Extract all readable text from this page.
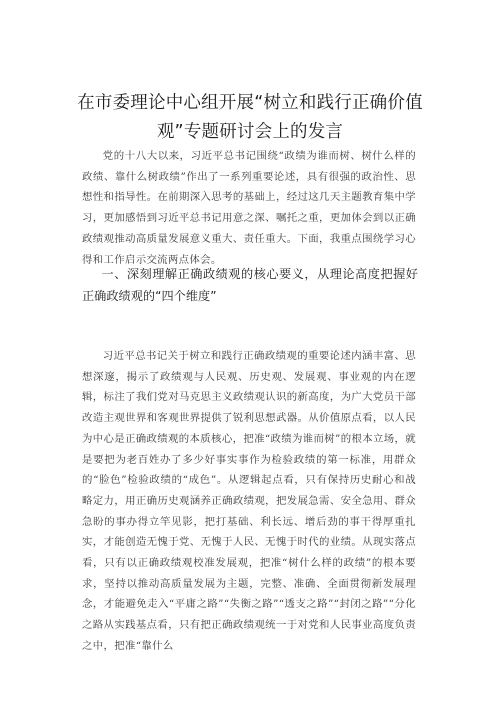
在市委理论中心组开展“树立和践行正确价值观”专题研讨会上的发言

党的十八大以来，习近平总书记围绕“政绩为谁而树、树什么样的政绩、靠什么树政绩”作出了一系列重要论述，具有很强的政治性、思想性和指导性。在前期深入思考的基础上，经过这几天主题教育集中学习，更加感悟到习近平总书记用意之深、嘱托之重，更加体会到以正确政绩观推动高质量发展意义重大、责任重大。下面，我重点围绕学习心得和工作启示交流两点体会。

一、深刻理解正确政绩观的核心要义，从理论高度把握好正确政绩观的“四个维度”

习近平总书记关于树立和践行正确政绩观的重要论述内涵丰富、思想深邃，揭示了政绩观与人民观、历史观、发展观、事业观的内在逻辑，标注了我们党对马克思主义政绩观认识的新高度，为广大党员干部改造主观世界和客观世界提供了锐利思想武器。从价值原点看，以人民为中心是正确政绩观的本质核心，把准“政绩为谁而树”的根本立场，就是要把为老百姓办了多少好事实事作为检验政绩的第一标准，用群众的“脸色”检验政绩的“成色”。从逻辑起点看，只有保持历史耐心和战略定力，用正确历史观涵养正确政绩观，把发展急需、安全急用、群众急盼的事办得立竿见影，把打基础、利长远、增后劲的事干得厚重扎实，才能创造无愧于党、无愧于人民、无愧于时代的业绩。从现实落点看，只有以正确政绩观校准发展观，把准“树什么样的政绩”的根本要求，坚持以推动高质量发展为主题，完整、准确、全面贯彻新发展理念，才能避免走入“平庸之路”“失衡之路”“透支之路”“封闭之路”“分化之路从实践基点看，只有把正确政绩观统一于对党和人民事业高度负责之中，把准“靠什么
